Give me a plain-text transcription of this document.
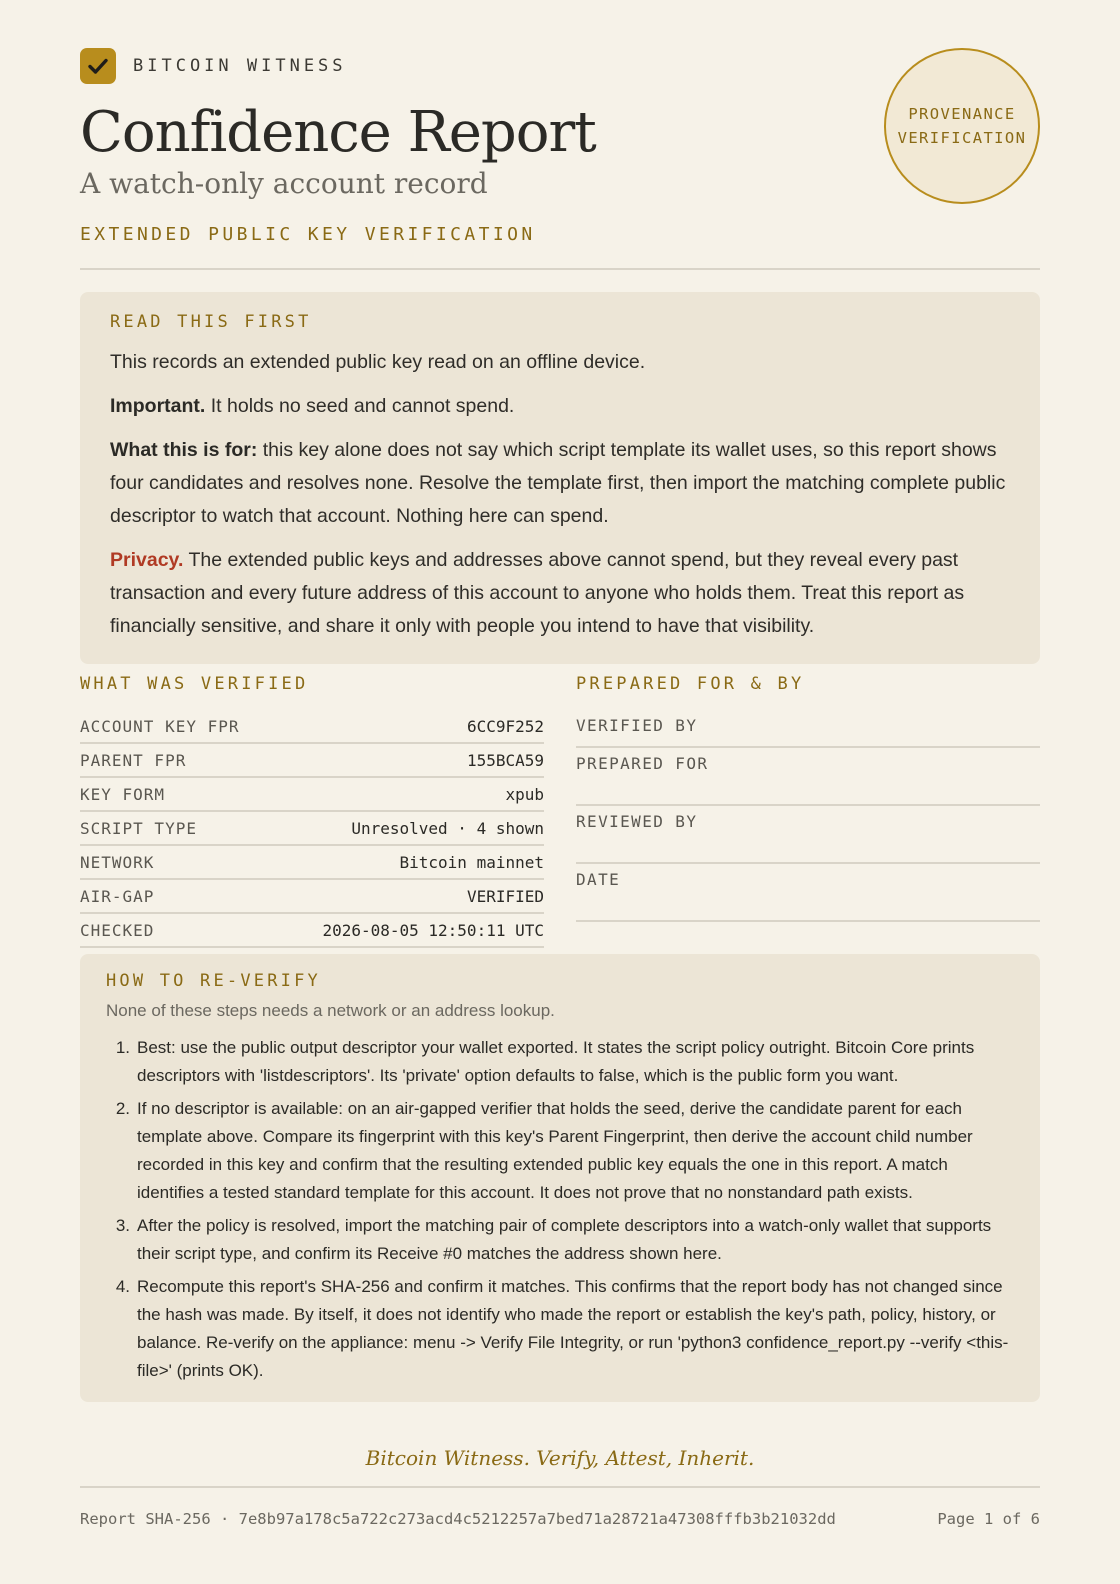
BITCOIN WITNESS
Confidence Report
A watch-only account record
EXTENDED PUBLIC KEY VERIFICATION
PROVENANCE
VERIFICATION
READ THIS FIRST

This records an extended public key read on an offline device.

Important. It holds no seed and cannot spend.

What this is for: this key alone does not say which script template its wallet uses, so this report shows four candidates and resolves none. Resolve the template first, then import the matching complete public descriptor to watch that account. Nothing here can spend.

Privacy. The extended public keys and addresses above cannot spend, but they reveal every past transaction and every future address of this account to anyone who holds them. Treat this report as financially sensitive, and share it only with people you intend to have that visibility.

WHAT WAS VERIFIED	PREPARED FOR & BY
ACCOUNT KEY FPR	6CC9F252
PARENT FPR	155BCA59
KEY FORM	xpub
SCRIPT TYPE	Unresolved · 4 shown
NETWORK	Bitcoin mainnet
AIR-GAP	VERIFIED
CHECKED	2026-08-05 12:50:11 UTC
VERIFIED BY
PREPARED FOR
REVIEWED BY
DATE
HOW TO RE-VERIFY
None of these steps needs a network or an address lookup.
1. Best: use the public output descriptor your wallet exported. It states the script policy outright. Bitcoin Core prints descriptors with 'listdescriptors'. Its 'private' option defaults to false, which is the public form you want.
2. If no descriptor is available: on an air-gapped verifier that holds the seed, derive the candidate parent for each template above. Compare its fingerprint with this key's Parent Fingerprint, then derive the account child number recorded in this key and confirm that the resulting extended public key equals the one in this report. A match identifies a tested standard template for this account. It does not prove that no nonstandard path exists.
3. After the policy is resolved, import the matching pair of complete descriptors into a watch-only wallet that supports their script type, and confirm its Receive #0 matches the address shown here.
4. Recompute this report's SHA-256 and confirm it matches. This confirms that the report body has not changed since the hash was made. By itself, it does not identify who made the report or establish the key's path, policy, history, or balance. Re-verify on the appliance: menu -> Verify File Integrity, or run 'python3 confidence_report.py --verify <this-file>' (prints OK).
Bitcoin Witness. Verify, Attest, Inherit.
Report SHA-256 · 7e8b97a178c5a722c273acd4c5212257a7bed71a28721a47308fffb3b21032dd	Page 1 of 6
